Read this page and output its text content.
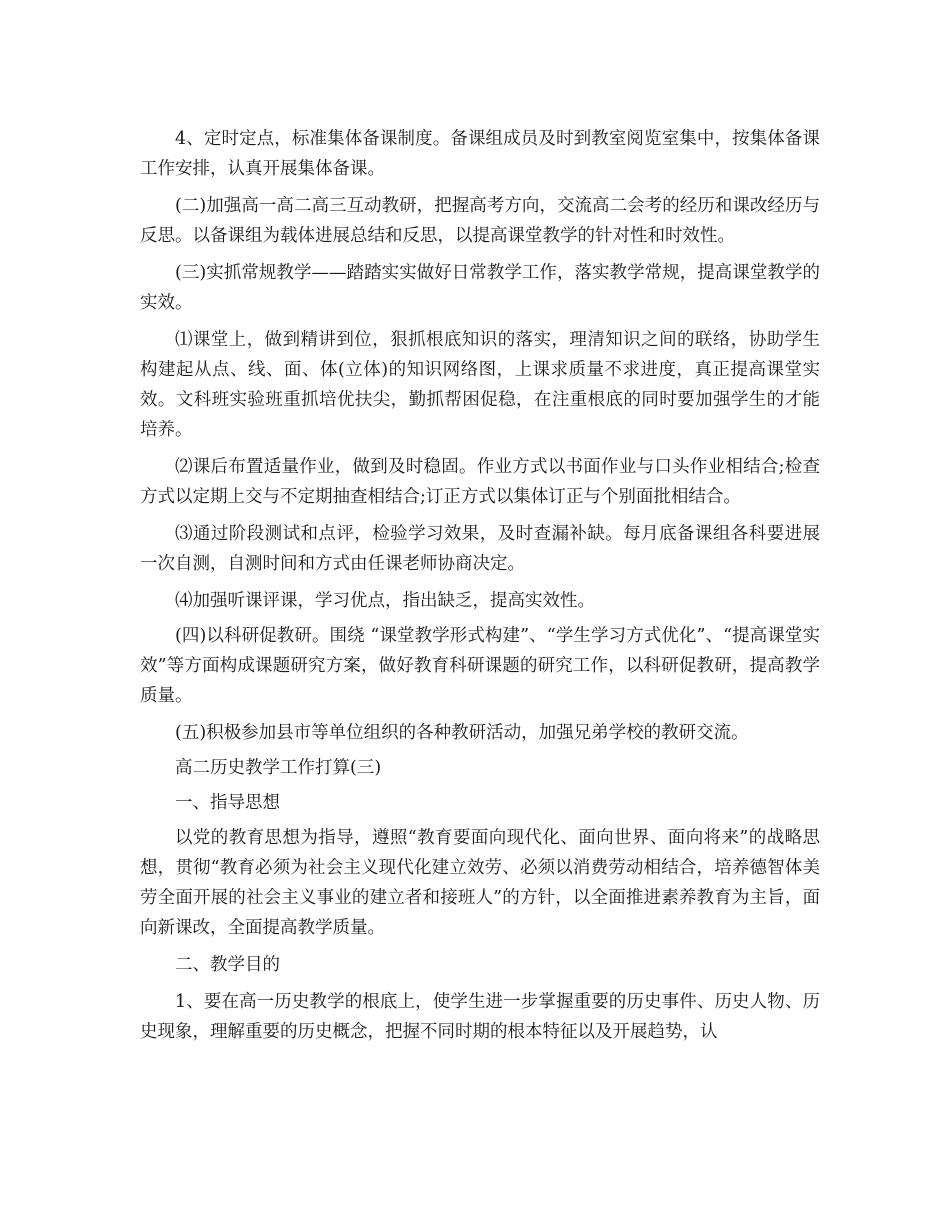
4、定时定点，标准集体备课制度。备课组成员及时到教室阅览室集中，按集体备课工作安排，认真开展集体备课。

(二)加强高一高二高三互动教研，把握高考方向，交流高二会考的经历和课改经历与反思。以备课组为载体进展总结和反思，以提高课堂教学的针对性和时效性。

(三)实抓常规教学——踏踏实实做好日常教学工作，落实教学常规，提高课堂教学的实效。

⑴课堂上，做到精讲到位，狠抓根底知识的落实，理清知识之间的联络，协助学生构建起从点、线、面、体(立体)的知识网络图，上课求质量不求进度，真正提高课堂实效。文科班实验班重抓培优扶尖，勤抓帮困促稳，在注重根底的同时要加强学生的才能培养。

⑵课后布置适量作业，做到及时稳固。作业方式以书面作业与口头作业相结合;检查方式以定期上交与不定期抽查相结合;订正方式以集体订正与个别面批相结合。

⑶通过阶段测试和点评，检验学习效果，及时查漏补缺。每月底备课组各科要进展一次自测，自测时间和方式由任课老师协商决定。

⑷加强听课评课，学习优点，指出缺乏，提高实效性。

(四)以科研促教研。围绕 “课堂教学形式构建”、“学生学习方式优化”、“提高课堂实效”等方面构成课题研究方案，做好教育科研课题的研究工作，以科研促教研，提高教学质量。

(五)积极参加县市等单位组织的各种教研活动，加强兄弟学校的教研交流。

高二历史教学工作打算(三)

一、指导思想

以党的教育思想为指导，遵照“教育要面向现代化、面向世界、面向将来”的战略思想，贯彻“教育必须为社会主义现代化建立效劳、必须以消费劳动相结合，培养德智体美劳全面开展的社会主义事业的建立者和接班人”的方针，以全面推进素养教育为主旨，面向新课改，全面提高教学质量。

二、教学目的

1、要在高一历史教学的根底上，使学生进一步掌握重要的历史事件、历史人物、历史现象，理解重要的历史概念，把握不同时期的根本特征以及开展趋势，认
